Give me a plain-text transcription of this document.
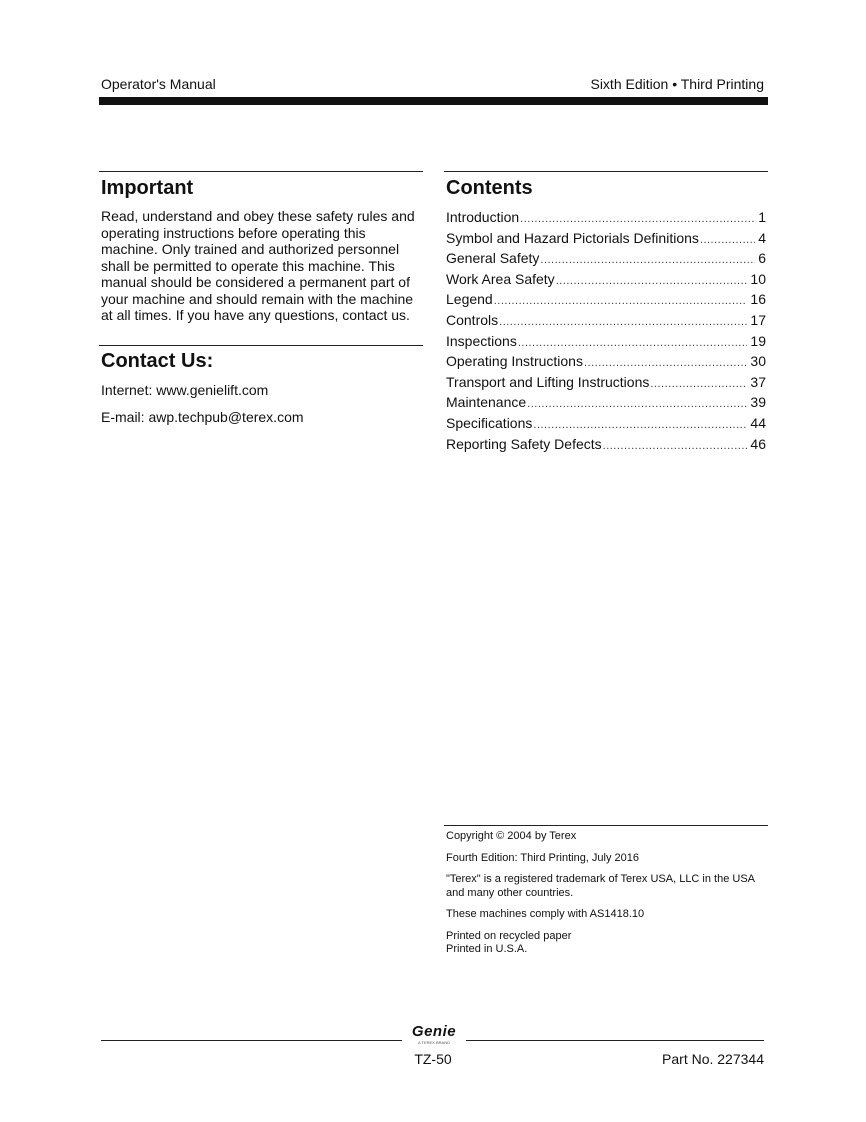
Operator's Manual	Sixth Edition • Third Printing
Important
Read, understand and obey these safety rules and operating instructions before operating this machine. Only trained and authorized personnel shall be permitted to operate this machine. This manual should be considered a permanent part of your machine and should remain with the machine at all times. If you have any questions, contact us.
Contact Us:
Internet: www.genielift.com
E-mail: awp.techpub@terex.com
Contents
Introduction .....	1
Symbol and Hazard Pictorials Definitions .....	4
General Safety .....	6
Work Area Safety .....	10
Legend .....	16
Controls .....	17
Inspections .....	19
Operating Instructions .....	30
Transport and Lifting Instructions .....	37
Maintenance .....	39
Specifications .....	44
Reporting Safety Defects .....	46

Copyright © 2004 by Terex

Fourth Edition: Third Printing, July 2016

"Terex" is a registered trademark of Terex USA, LLC in the USA and many other countries.

These machines comply with AS1418.10

Printed on recycled paper

Printed in U.S.A.

Genie
A TEREX BRAND
TZ-50	Part No. 227344
